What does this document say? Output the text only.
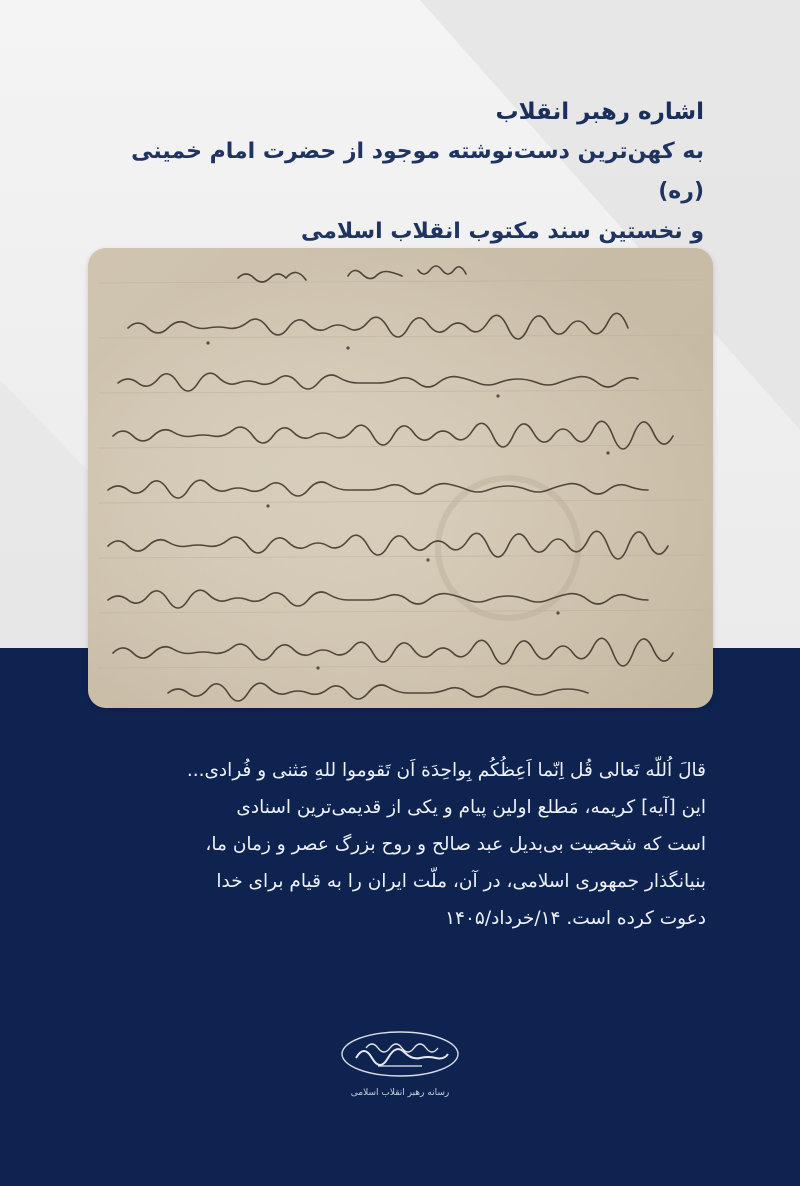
اشاره رهبر انقلاب
به کهن‌ترین دست‌نوشته موجود از حضرت امام خمینی (ره)
و نخستین سند مکتوب انقلاب اسلامی

قالَ اُللّه تَعالی قُل اِنّما اَعِظُکُم بِواحِدَة اَن تَقوموا للهِ مَثنی و فُرادی...

این [آیه] کریمه، مَطلع اولین پیام و یکی از قدیمی‌ترین اسنادی

است که شخصیت بی‌بدیل عبد صالح و روح بزرگ عصر و زمان ما،

بنیانگذار جمهوری اسلامی، در آن، ملّت ایران را به قیام برای خدا

دعوت کرده است. ۱۴/خرداد/۱۴۰۵

رسانه رهبر انقلاب اسلامی
